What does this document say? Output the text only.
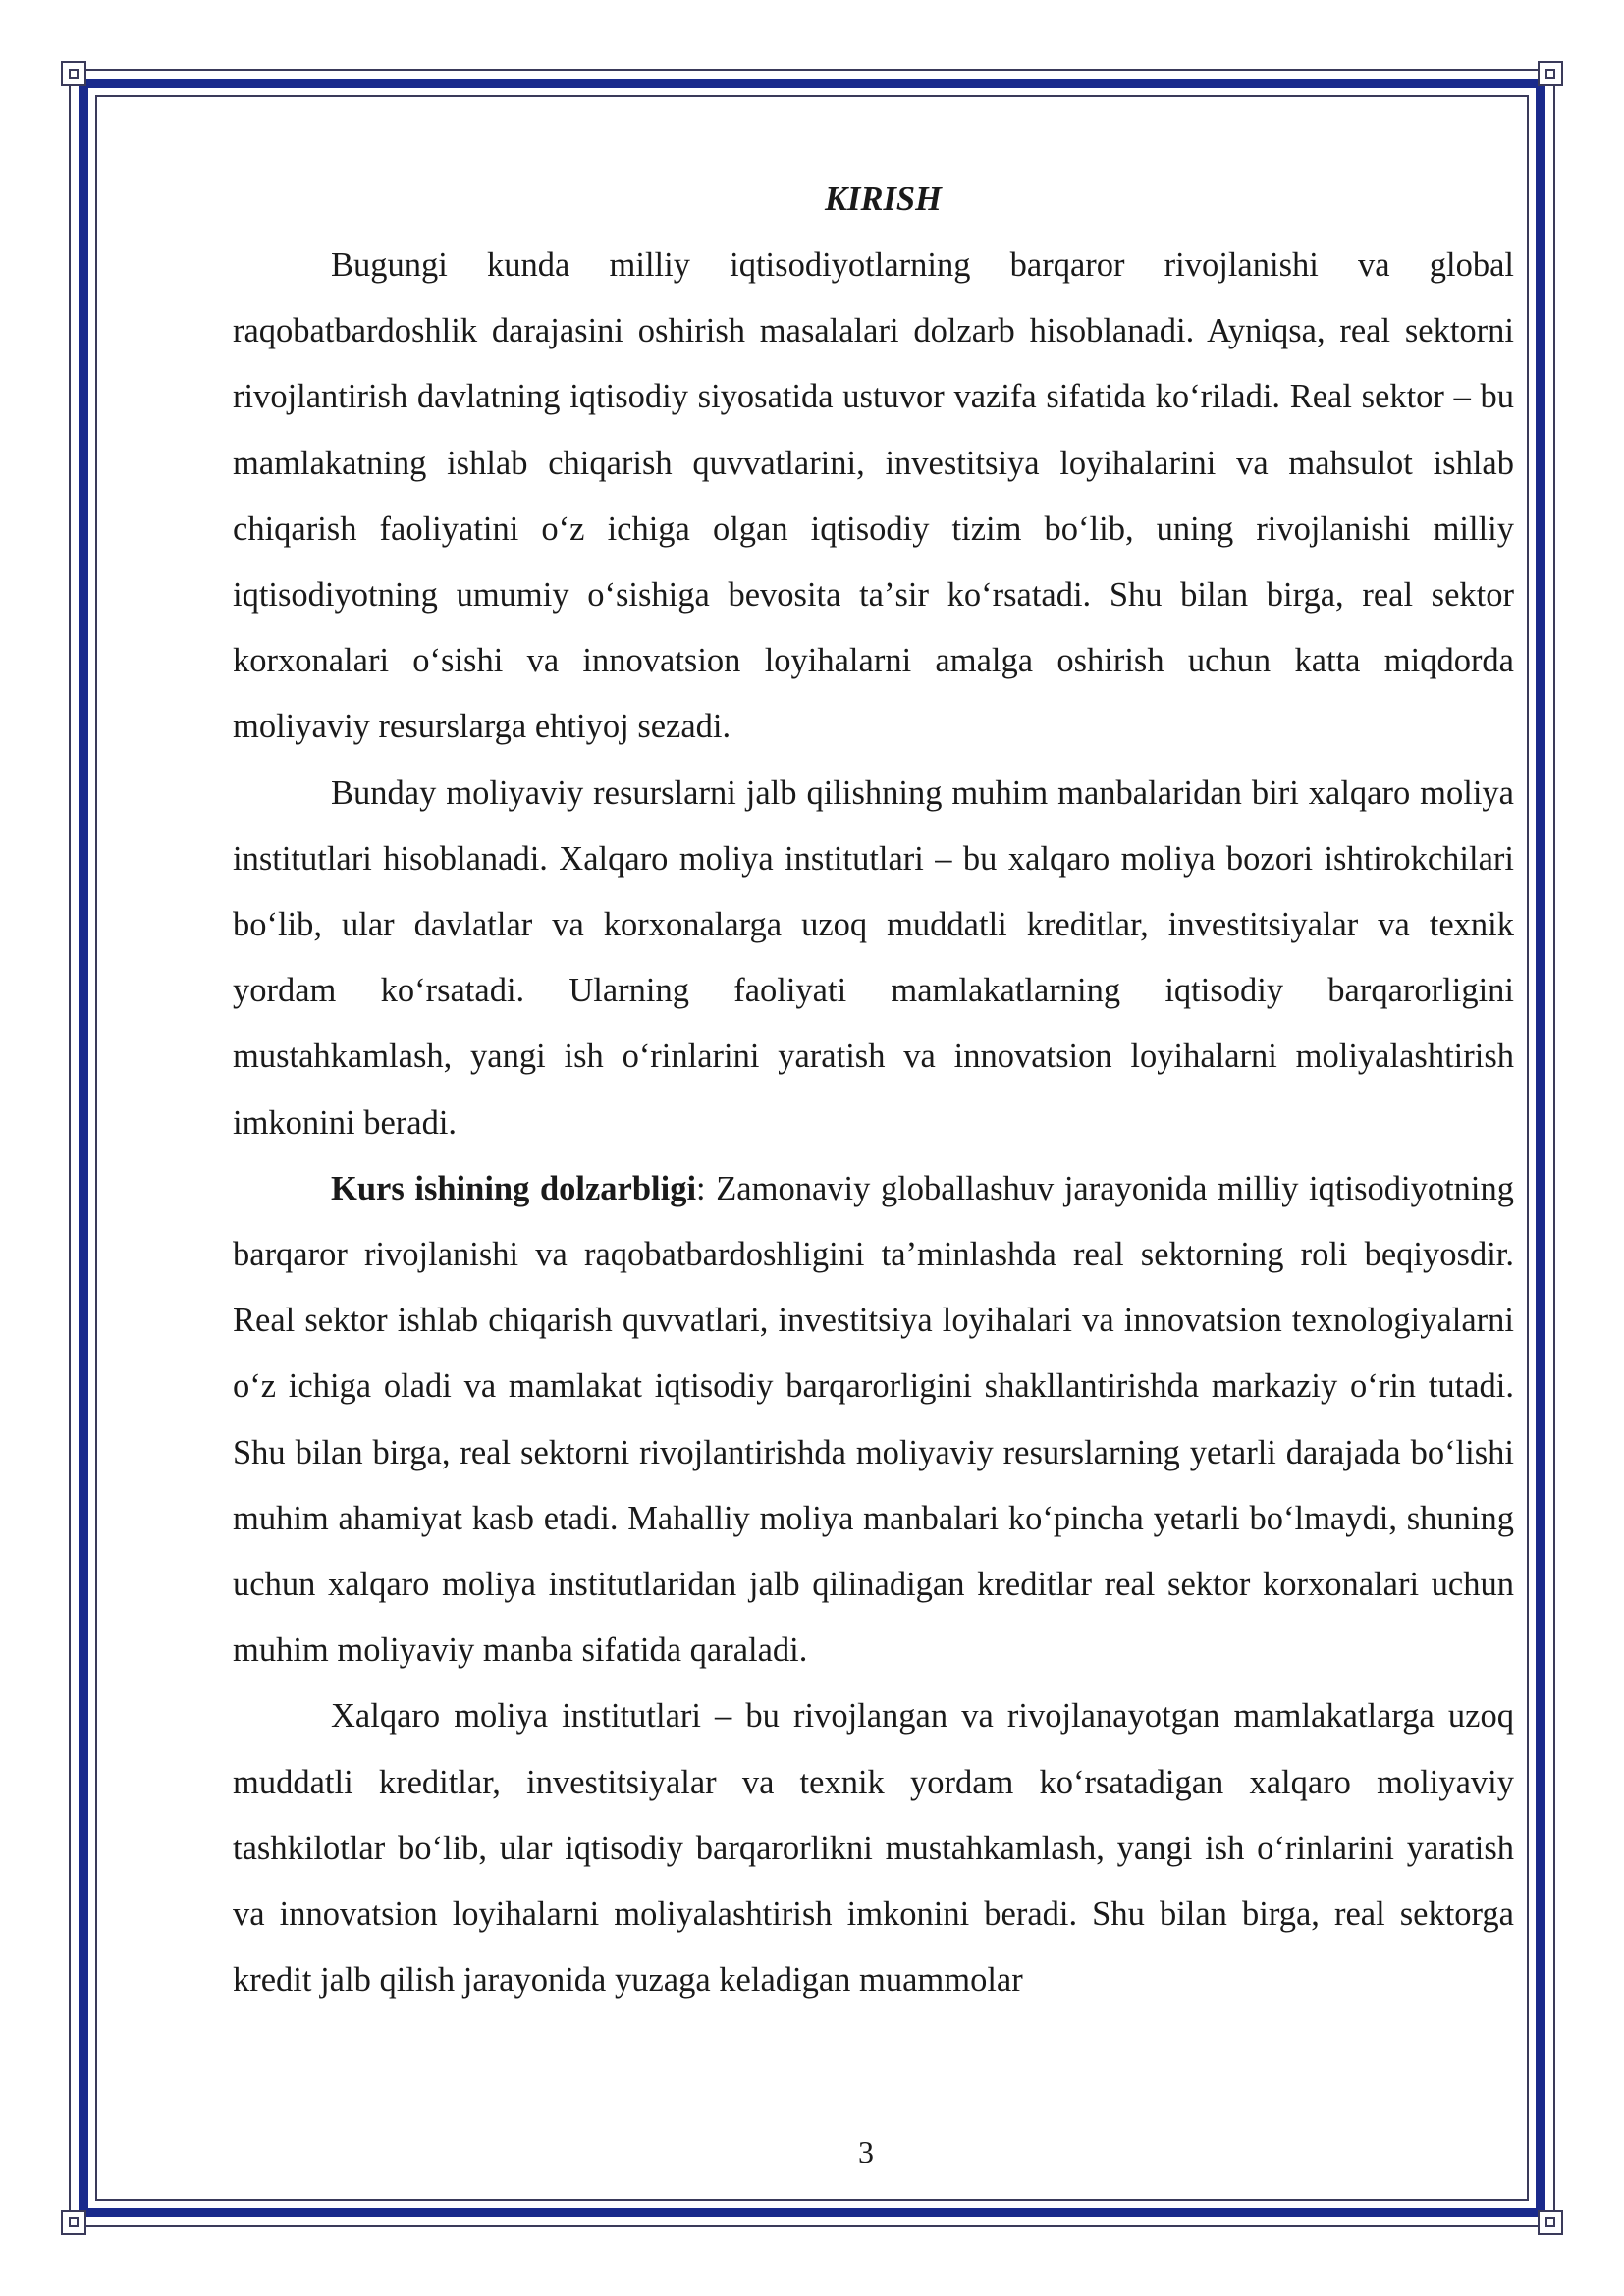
KIRISH

Bugungi kunda milliy iqtisodiyotlarning barqaror rivojlanishi va global raqobatbardoshlik darajasini oshirish masalalari dolzarb hisoblanadi. Ayniqsa, real sektorni rivojlantirish davlatning iqtisodiy siyosatida ustuvor vazifa sifatida koʻriladi. Real sektor – bu mamlakatning ishlab chiqarish quvvatlarini, investitsiya loyihalarini va mahsulot ishlab chiqarish faoliyatini oʻz ichiga olgan iqtisodiy tizim boʻlib, uning rivojlanishi milliy iqtisodiyotning umumiy oʻsishiga bevosita taʼsir koʻrsatadi. Shu bilan birga, real sektor korxonalari oʻsishi va innovatsion loyihalarni amalga oshirish uchun katta miqdorda moliyaviy resurslarga ehtiyoj sezadi.

Bunday moliyaviy resurslarni jalb qilishning muhim manbalaridan biri xalqaro moliya institutlari hisoblanadi. Xalqaro moliya institutlari – bu xalqaro moliya bozori ishtirokchilari boʻlib, ular davlatlar va korxonalarga uzoq muddatli kreditlar, investitsiyalar va texnik yordam koʻrsatadi. Ularning faoliyati mamlakatlarning iqtisodiy barqarorligini mustahkamlash, yangi ish oʻrinlarini yaratish va innovatsion loyihalarni moliyalashtirish imkonini beradi.

Kurs ishining dolzarbligi: Zamonaviy globallashuv jarayonida milliy iqtisodiyotning barqaror rivojlanishi va raqobatbardoshligini taʼminlashda real sektorning roli beqiyosdir. Real sektor ishlab chiqarish quvvatlari, investitsiya loyihalari va innovatsion texnologiyalarni oʻz ichiga oladi va mamlakat iqtisodiy barqarorligini shakllantirishda markaziy oʻrin tutadi. Shu bilan birga, real sektorni rivojlantirishda moliyaviy resurslarning yetarli darajada boʻlishi muhim ahamiyat kasb etadi. Mahalliy moliya manbalari koʻpincha yetarli boʻlmaydi, shuning uchun xalqaro moliya institutlaridan jalb qilinadigan kreditlar real sektor korxonalari uchun muhim moliyaviy manba sifatida qaraladi.

Xalqaro moliya institutlari – bu rivojlangan va rivojlanayotgan mamlakatlarga uzoq muddatli kreditlar, investitsiyalar va texnik yordam koʻrsatadigan xalqaro moliyaviy tashkilotlar boʻlib, ular iqtisodiy barqarorlikni mustahkamlash, yangi ish oʻrinlarini yaratish va innovatsion loyihalarni moliyalashtirish imkonini beradi. Shu bilan birga, real sektorga kredit jalb qilish jarayonida yuzaga keladigan muammolar

3
